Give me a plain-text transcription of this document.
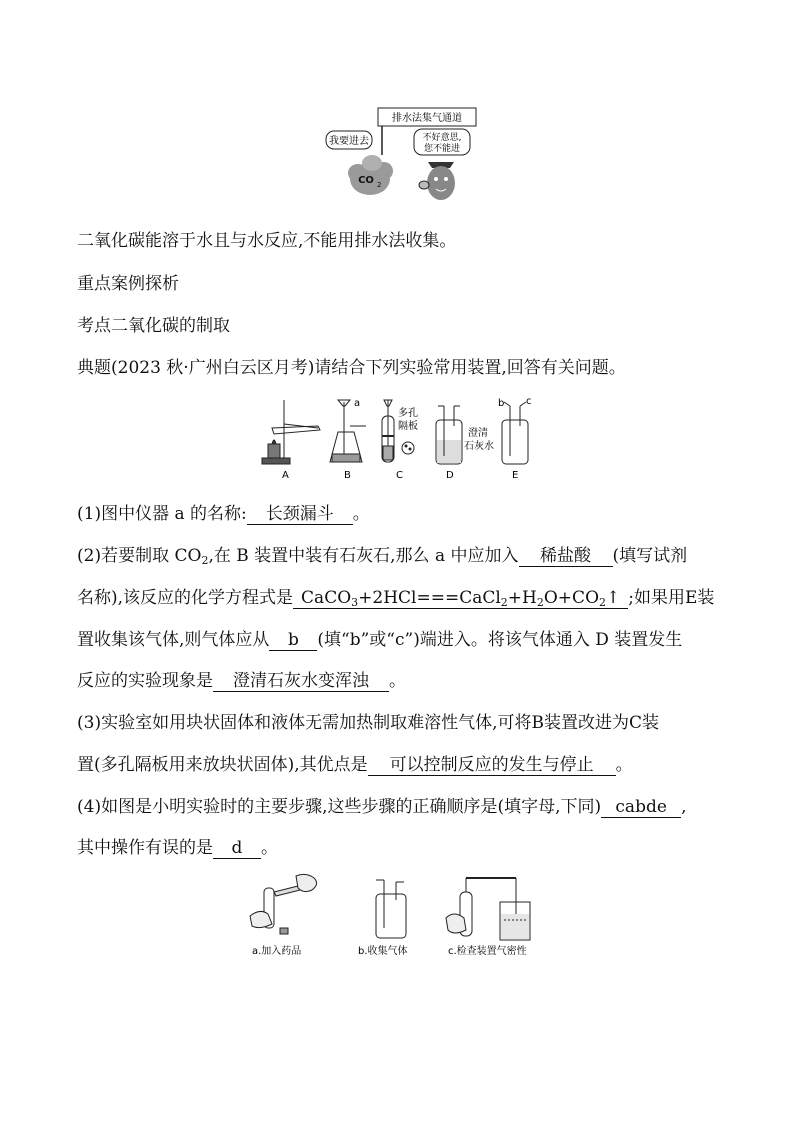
排水法集气通道
我要进去
CO 2
不好意思,
您不能进
二氧化碳能溶于水且与水反应,不能用排水法收集。
重点案例探析
考点二氧化碳的制取
典题(2023 秋·广州白云区月考)请结合下列实验常用装置,回答有关问题。
a
多孔
隔板
澄清
石灰水
b c
A	B	C	D	E
(1)图中仪器 a 的名称: 长颈漏斗 。
(2)若要制取 $CO_2$,在 B 装置中装有石灰石,那么 a 中应加入 稀盐酸 (填写试剂
名称),该反应的化学方程式是 $CaCO_3+2HCl===CaCl_2+H_2O+CO_2↑$ ;如果用E装
置收集该气体,则气体应从 b (填“b”或“c”)端进入。将该气体通入 D 装置发生
反应的实验现象是 澄清石灰水变浑浊 。
(3)实验室如用块状固体和液体无需加热制取难溶性气体,可将B装置改进为C装
置(多孔隔板用来放块状固体),其优点是 可以控制反应的发生与停止 。
(4)如图是小明实验时的主要步骤,这些步骤的正确顺序是(填字母,下同) cabde ,
其中操作有误的是 d 。
a.加入药品	b.收集气体	c.检查装置气密性
